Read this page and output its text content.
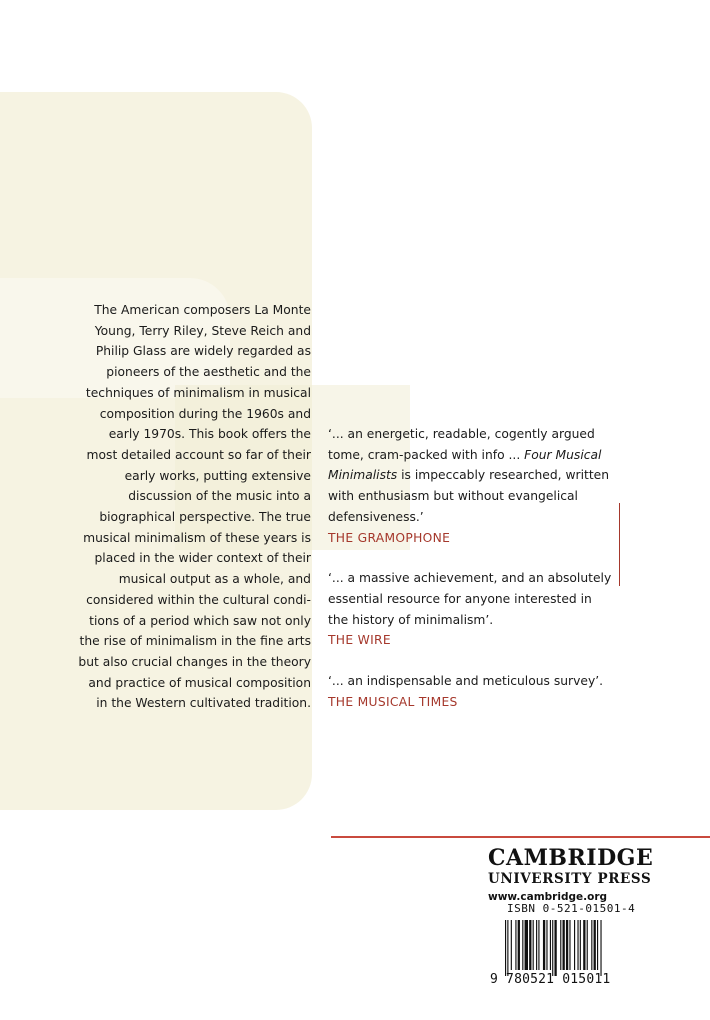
The American composers La Monte
Young, Terry Riley, Steve Reich and
Philip Glass are widely regarded as
pioneers of the aesthetic and the
techniques of minimalism in musical
composition during the 1960s and
early 1970s. This book offers the
most detailed account so far of their
early works, putting extensive
discussion of the music into a
biographical perspective. The true
musical minimalism of these years is
placed in the wider context of their
musical output as a whole, and
considered within the cultural condi-
tions of a period which saw not only
the rise of minimalism in the fine arts
but also crucial changes in the theory
and practice of musical composition
in the Western cultivated tradition.
‘... an energetic, readable, cogently argued
tome, cram-packed with info ... Four Musical
Minimalists is impeccably researched, written
with enthusiasm but without evangelical
defensiveness.’
THE GRAMOPHONE
‘... a massive achievement, and an absolutely
essential resource for anyone interested in
the history of minimalism’.
THE WIRE
‘... an indispensable and meticulous survey’.
THE MUSICAL TIMES
CAMBRIDGE
UNIVERSITY PRESS
www.cambridge.org
ISBN 0-521-01501-4
9 780521 015011
